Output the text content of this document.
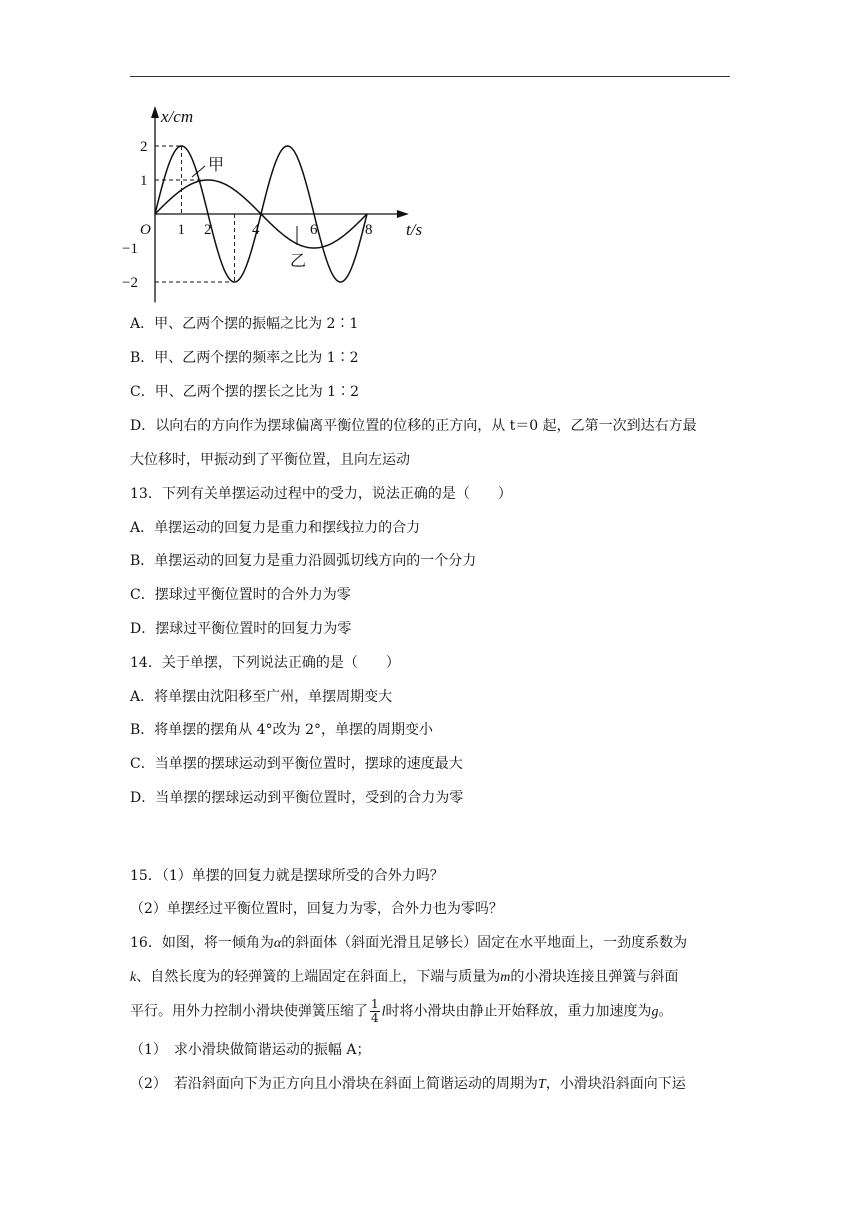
1 2	4	6	8
2
1
−1
−2
O
x/cm
t/s
甲
乙
A．甲、乙两个摆的振幅之比为 2∶1
B．甲、乙两个摆的频率之比为 1∶2
C．甲、乙两个摆的摆长之比为 1∶2
D．以向右的方向作为摆球偏离平衡位置的位移的正方向，从 t＝0 起，乙第一次到达右方最
大位移时，甲振动到了平衡位置，且向左运动
13．下列有关单摆运动过程中的受力，说法正确的是（　　）
A．单摆运动的回复力是重力和摆线拉力的合力
B．单摆运动的回复力是重力沿圆弧切线方向的一个分力
C．摆球过平衡位置时的合外力为零
D．摆球过平衡位置时的回复力为零
14．关于单摆，下列说法正确的是（　　）
A．将单摆由沈阳移至广州，单摆周期变大
B．将单摆的摆角从 4°改为 2°，单摆的周期变小
C．当单摆的摆球运动到平衡位置时，摆球的速度最大
D．当单摆的摆球运动到平衡位置时，受到的合力为零
15．（1）单摆的回复力就是摆球所受的合外力吗？
（2）单摆经过平衡位置时，回复力为零，合外力也为零吗？
16．如图，将一倾角为α的斜面体（斜面光滑且足够长）固定在水平地面上，一劲度系数为
k、自然长度为的轻弹簧的上端固定在斜面上，下端与质量为m的小滑块连接且弹簧与斜面
平行。用外力控制小滑块使弹簧压缩了 $\frac{1}{4}$ l时将小滑块由静止开始释放，重力加速度为g。
（1）　求小滑块做简谐运动的振幅 A；
（2）　若沿斜面向下为正方向且小滑块在斜面上简谐运动的周期为T，小滑块沿斜面向下运
